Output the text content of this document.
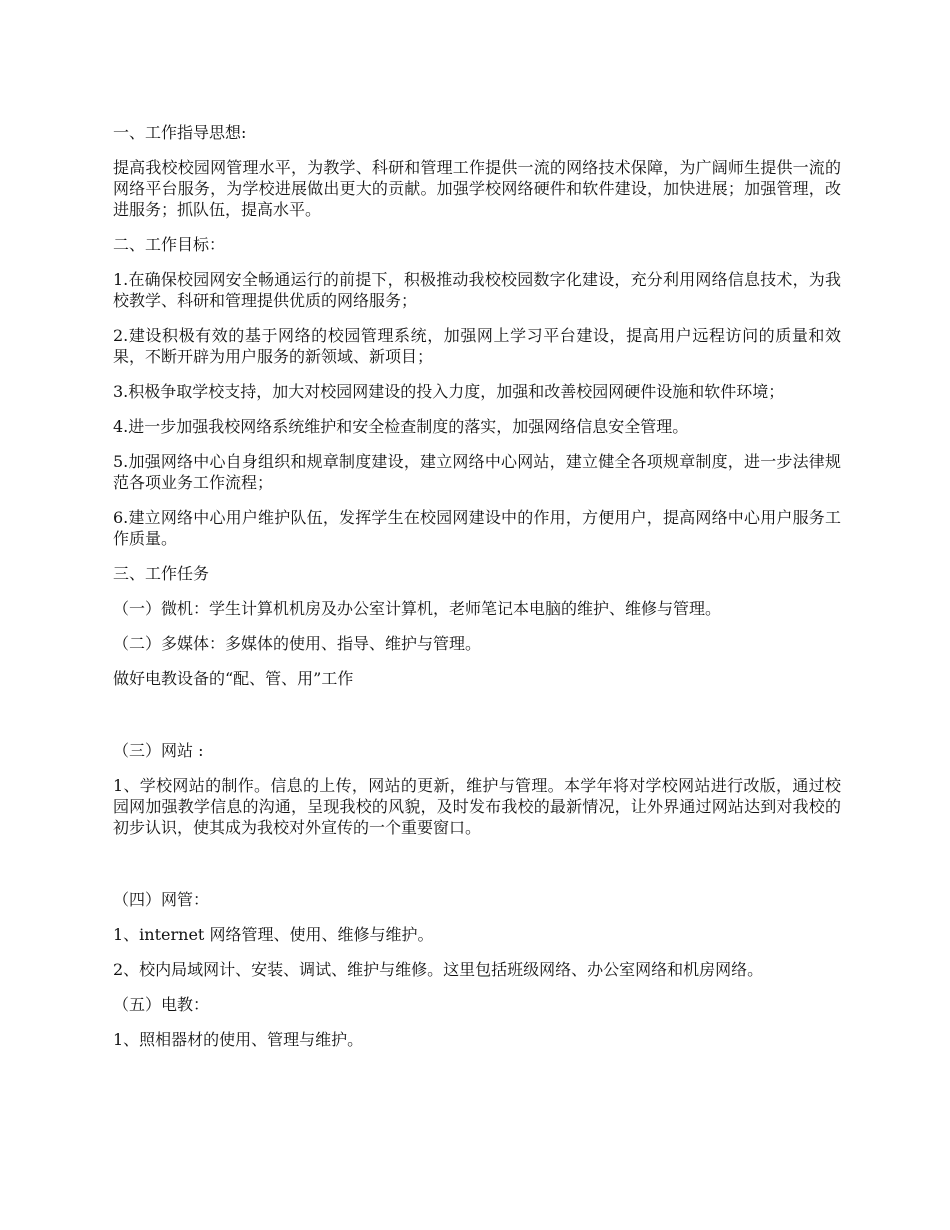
一、工作指导思想:

提高我校校园网管理水平，为教学、科研和管理工作提供一流的网络技术保障，为广阔师生提供一流的网络平台服务，为学校进展做出更大的贡献。加强学校网络硬件和软件建设，加快进展；加强管理，改进服务；抓队伍，提高水平。

二、工作目标：

1.在确保校园网安全畅通运行的前提下，积极推动我校校园数字化建设，充分利用网络信息技术，为我校教学、科研和管理提供优质的网络服务；

2.建设积极有效的基于网络的校园管理系统，加强网上学习平台建设，提高用户远程访问的质量和效果，不断开辟为用户服务的新领域、新项目；

3.积极争取学校支持，加大对校园网建设的投入力度，加强和改善校园网硬件设施和软件环境；

4.进一步加强我校网络系统维护和安全检查制度的落实，加强网络信息安全管理。

5.加强网络中心自身组织和规章制度建设，建立网络中心网站，建立健全各项规章制度，进一步法律规范各项业务工作流程；

6.建立网络中心用户维护队伍，发挥学生在校园网建设中的作用，方便用户，提高网络中心用户服务工作质量。

三、工作任务

（一）微机：学生计算机机房及办公室计算机，老师笔记本电脑的维护、维修与管理。

（二）多媒体：多媒体的使用、指导、维护与管理。

做好电教设备的“配、管、用”工作

（三）网站 :

1、学校网站的制作。信息的上传，网站的更新，维护与管理。本学年将对学校网站进行改版，通过校园网加强教学信息的沟通，呈现我校的风貌，及时发布我校的最新情况，让外界通过网站达到对我校的初步认识，使其成为我校对外宣传的一个重要窗口。

（四）网管：

1、internet 网络管理、使用、维修与维护。

2、校内局域网计、安装、调试、维护与维修。这里包括班级网络、办公室网络和机房网络。

（五）电教：

1、照相器材的使用、管理与维护。
